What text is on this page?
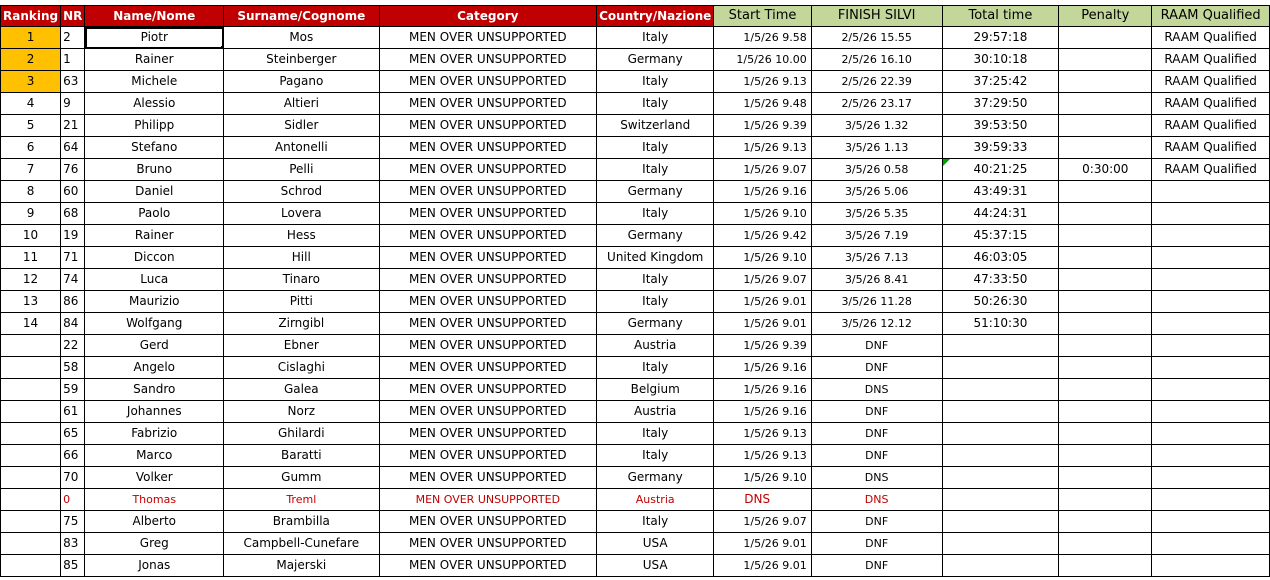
Ranking	NR	Name/Nome	Surname/Cognome	Category	Country/Nazione	Start Time	FINISH SILVI	Total time	Penalty	RAAM Qualified
1	2	Piotr	Mos	MEN OVER UNSUPPORTED	Italy	1/5/26 9.58	2/5/26 15.55	29:57:18		RAAM Qualified
2	1	Rainer	Steinberger	MEN OVER UNSUPPORTED	Germany	1/5/26 10.00	2/5/26 16.10	30:10:18		RAAM Qualified
3	63	Michele	Pagano	MEN OVER UNSUPPORTED	Italy	1/5/26 9.13	2/5/26 22.39	37:25:42		RAAM Qualified
4	9	Alessio	Altieri	MEN OVER UNSUPPORTED	Italy	1/5/26 9.48	2/5/26 23.17	37:29:50		RAAM Qualified
5	21	Philipp	Sidler	MEN OVER UNSUPPORTED	Switzerland	1/5/26 9.39	3/5/26 1.32	39:53:50		RAAM Qualified
6	64	Stefano	Antonelli	MEN OVER UNSUPPORTED	Italy	1/5/26 9.13	3/5/26 1.13	39:59:33		RAAM Qualified
7	76	Bruno	Pelli	MEN OVER UNSUPPORTED	Italy	1/5/26 9.07	3/5/26 0.58	40:21:25	0:30:00	RAAM Qualified
8	60	Daniel	Schrod	MEN OVER UNSUPPORTED	Germany	1/5/26 9.16	3/5/26 5.06	43:49:31		
9	68	Paolo	Lovera	MEN OVER UNSUPPORTED	Italy	1/5/26 9.10	3/5/26 5.35	44:24:31		
10	19	Rainer	Hess	MEN OVER UNSUPPORTED	Germany	1/5/26 9.42	3/5/26 7.19	45:37:15		
11	71	Diccon	Hill	MEN OVER UNSUPPORTED	United Kingdom	1/5/26 9.10	3/5/26 7.13	46:03:05		
12	74	Luca	Tinaro	MEN OVER UNSUPPORTED	Italy	1/5/26 9.07	3/5/26 8.41	47:33:50		
13	86	Maurizio	Pitti	MEN OVER UNSUPPORTED	Italy	1/5/26 9.01	3/5/26 11.28	50:26:30		
14	84	Wolfgang	Zirngibl	MEN OVER UNSUPPORTED	Germany	1/5/26 9.01	3/5/26 12.12	51:10:30		
	22	Gerd	Ebner	MEN OVER UNSUPPORTED	Austria	1/5/26 9.39	DNF			
	58	Angelo	Cislaghi	MEN OVER UNSUPPORTED	Italy	1/5/26 9.16	DNF			
	59	Sandro	Galea	MEN OVER UNSUPPORTED	Belgium	1/5/26 9.16	DNS			
	61	Johannes	Norz	MEN OVER UNSUPPORTED	Austria	1/5/26 9.16	DNF			
	65	Fabrizio	Ghilardi	MEN OVER UNSUPPORTED	Italy	1/5/26 9.13	DNF			
	66	Marco	Baratti	MEN OVER UNSUPPORTED	Italy	1/5/26 9.13	DNF			
	70	Volker	Gumm	MEN OVER UNSUPPORTED	Germany	1/5/26 9.10	DNS			
	0	Thomas	Treml	MEN OVER UNSUPPORTED	Austria	DNS	DNS			
	75	Alberto	Brambilla	MEN OVER UNSUPPORTED	Italy	1/5/26 9.07	DNF			
	83	Greg	Campbell-Cunefare	MEN OVER UNSUPPORTED	USA	1/5/26 9.01	DNF			
	85	Jonas	Majerski	MEN OVER UNSUPPORTED	USA	1/5/26 9.01	DNF			
